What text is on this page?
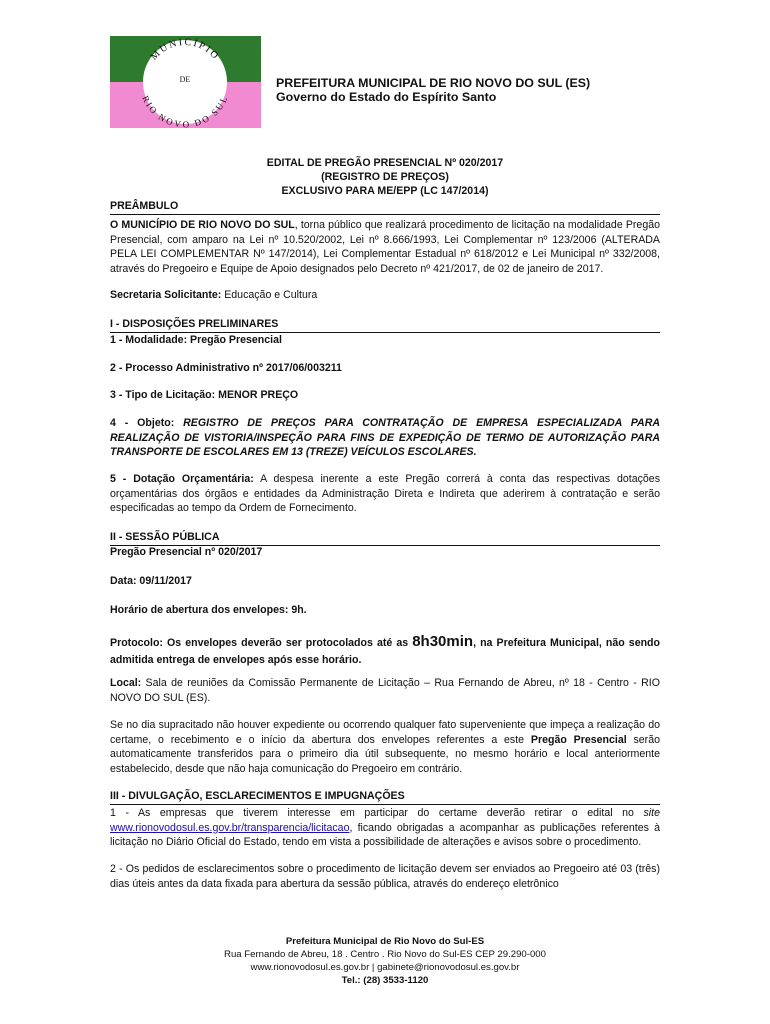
MUNICÍPIO
DE
RIO NOVO DO SUL
PREFEITURA MUNICIPAL DE RIO NOVO DO SUL (ES)
Governo do Estado do Espírito Santo
EDITAL DE PREGÃO PRESENCIAL Nº 020/2017
(REGISTRO DE PREÇOS)
EXCLUSIVO PARA ME/EPP (LC 147/2014)
PREÂMBULO
O MUNICÍPIO DE RIO NOVO DO SUL, torna público que realizará procedimento de licitação na modalidade Pregão Presencial, com amparo na Lei nº 10.520/2002, Lei nº 8.666/1993, Lei Complementar nº 123/2006 (ALTERADA PELA LEI COMPLEMENTAR Nº 147/2014), Lei Complementar Estadual nº 618/2012 e Lei Municipal nº 332/2008, através do Pregoeiro e Equipe de Apoio designados pelo Decreto nº 421/2017, de 02 de janeiro de 2017.
Secretaria Solicitante: Educação e Cultura
I - DISPOSIÇÕES PRELIMINARES
1 - Modalidade: Pregão Presencial
2 - Processo Administrativo nº 2017/06/003211
3 - Tipo de Licitação: MENOR PREÇO
4 - Objeto: REGISTRO DE PREÇOS PARA CONTRATAÇÃO DE EMPRESA ESPECIALIZADA PARA REALIZAÇÃO DE VISTORIA/INSPEÇÃO PARA FINS DE EXPEDIÇÃO DE TERMO DE AUTORIZAÇÃO PARA TRANSPORTE DE ESCOLARES EM 13 (TREZE) VEÍCULOS ESCOLARES.
5 - Dotação Orçamentária: A despesa inerente a este Pregão correrá à conta das respectivas dotações orçamentárias dos órgãos e entidades da Administração Direta e Indireta que aderirem à contratação e serão especificadas ao tempo da Ordem de Fornecimento.
II - SESSÃO PÚBLICA
Pregão Presencial nº 020/2017
Data: 09/11/2017
Horário de abertura dos envelopes: 9h.
Protocolo: Os envelopes deverão ser protocolados até as 8h30min, na Prefeitura Municipal, não sendo admitida entrega de envelopes após esse horário.
Local: Sala de reuniões da Comissão Permanente de Licitação – Rua Fernando de Abreu, nº 18 - Centro - RIO NOVO DO SUL (ES).
Se no dia supracitado não houver expediente ou ocorrendo qualquer fato superveniente que impeça a realização do certame, o recebimento e o início da abertura dos envelopes referentes a este Pregão Presencial serão automaticamente transferidos para o primeiro dia útil subsequente, no mesmo horário e local anteriormente estabelecido, desde que não haja comunicação do Pregoeiro em contrário.
III - DIVULGAÇÃO, ESCLARECIMENTOS E IMPUGNAÇÕES
1 - As empresas que tiverem interesse em participar do certame deverão retirar o edital no site www.rionovodosul.es.gov.br/transparencia/licitacao, ficando obrigadas a acompanhar as publicações referentes à licitação no Diário Oficial do Estado, tendo em vista a possibilidade de alterações e avisos sobre o procedimento.
2 - Os pedidos de esclarecimentos sobre o procedimento de licitação devem ser enviados ao Pregoeiro até 03 (três) dias úteis antes da data fixada para abertura da sessão pública, através do endereço eletrônico
Prefeitura Municipal de Rio Novo do Sul-ES
Rua Fernando de Abreu, 18 . Centro . Rio Novo do Sul-ES CEP 29.290-000
www.rionovodosul.es.gov.br | gabinete@rionovodosul.es.gov.br
Tel.: (28) 3533-1120
